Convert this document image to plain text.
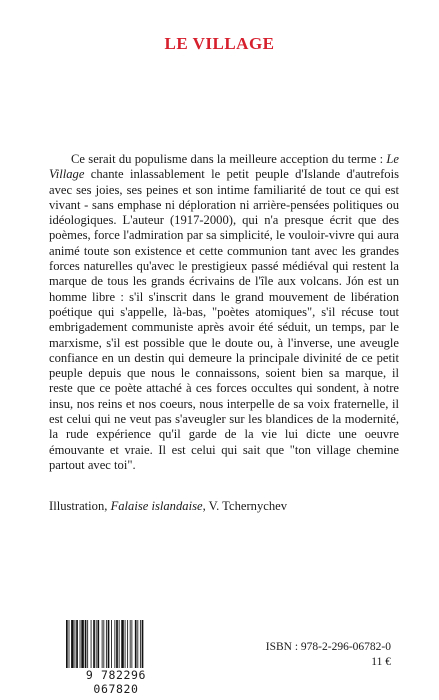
LE VILLAGE

Ce serait du populisme dans la meilleure acception du terme : Le Village chante inlassablement le petit peuple d'Islande d'autrefois avec ses joies, ses peines et son intime familiarité de tout ce qui est vivant - sans emphase ni déploration ni arrière-pensées politiques ou idéologiques. L'auteur (1917-2000), qui n'a presque écrit que des poèmes, force l'admiration par sa simplicité, le vouloir-vivre qui aura animé toute son existence et cette communion tant avec les grandes forces naturelles qu'avec le prestigieux passé médiéval qui restent la marque de tous les grands écrivains de l'île aux volcans. Jón est un homme libre : s'il s'inscrit dans le grand mouvement de libération poétique qui s'appelle, là-bas, "poètes atomiques", s'il récuse tout embrigadement communiste après avoir été séduit, un temps, par le marxisme, s'il est possible que le doute ou, à l'inverse, une aveugle confiance en un destin qui demeure la principale divinité de ce petit peuple depuis que nous le connaissons, soient bien sa marque, il reste que ce poète attaché à ces forces occultes qui sondent, à notre insu, nos reins et nos coeurs, nous interpelle de sa voix fraternelle, il est celui qui ne veut pas s'aveugler sur les blandices de la modernité, la rude expérience qu'il garde de la vie lui dicte une oeuvre émouvante et vraie. Il est celui qui sait que "ton village chemine partout avec toi".

Illustration, Falaise islandaise, V. Tchernychev
9 782296 067820
ISBN : 978-2-296-06782-0
11 €
